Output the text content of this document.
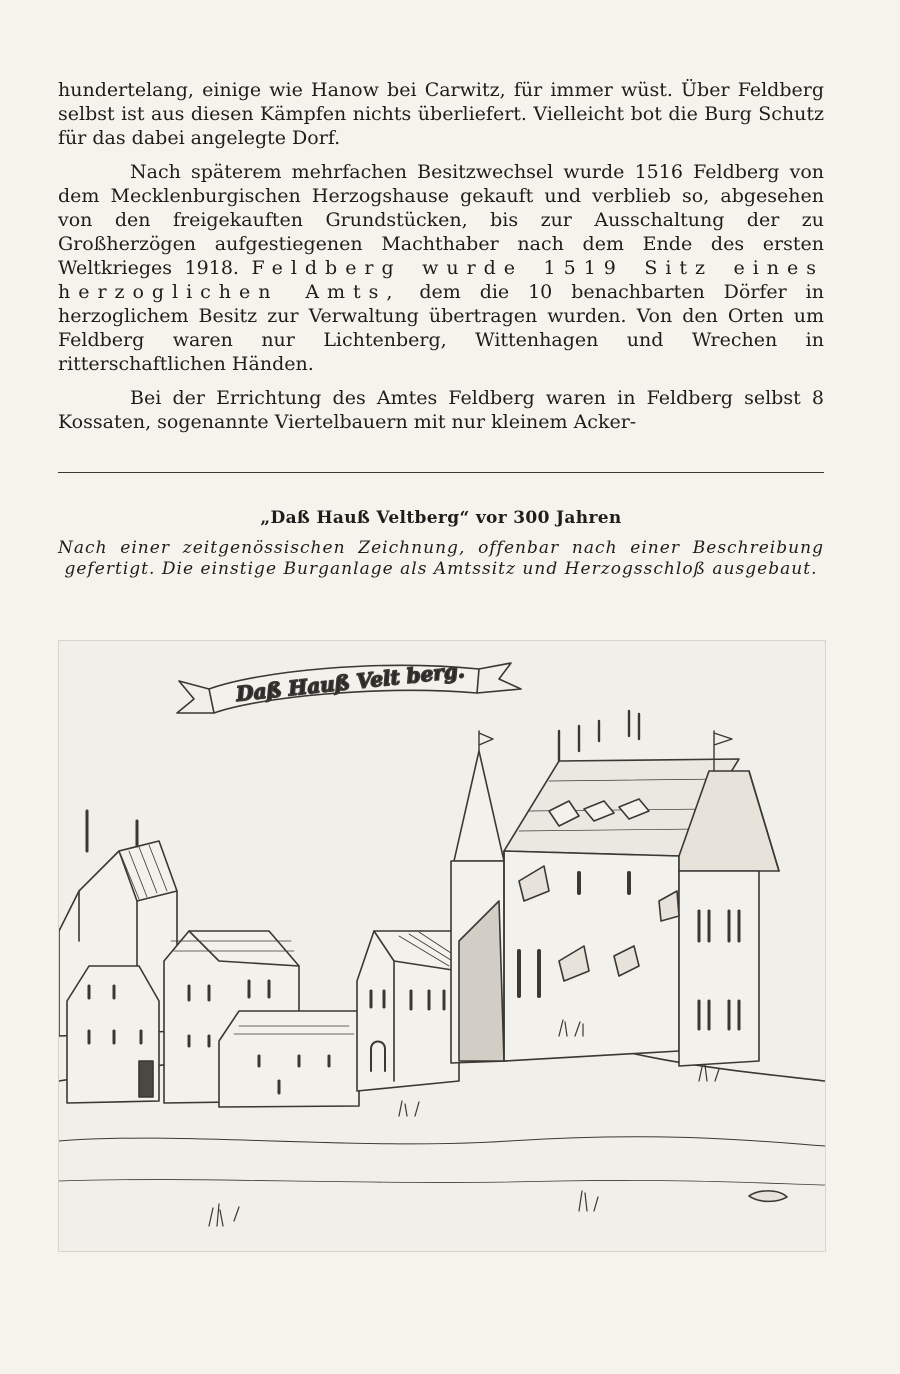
hundertelang, einige wie Hanow bei Carwitz, für immer wüst. Über Feldberg selbst ist aus diesen Kämpfen nichts überliefert. Vielleicht bot die Burg Schutz für das dabei angelegte Dorf.

Nach späterem mehrfachen Besitzwechsel wurde 1516 Feldberg von dem Mecklenburgischen Herzogshause gekauft und verblieb so, abgesehen von den freigekauften Grundstücken, bis zur Ausschaltung der zu Großherzögen aufgestiegenen Machthaber nach dem Ende des ersten Weltkrieges 1918. Feldberg wurde 1519 Sitz eines herzoglichen Amts, dem die 10 benachbarten Dörfer in herzoglichem Besitz zur Verwaltung übertragen wurden. Von den Orten um Feldberg waren nur Lichtenberg, Wittenhagen und Wrechen in ritterschaftlichen Händen.

Bei der Errichtung des Amtes Feldberg waren in Feldberg selbst 8 Kossaten, sogenannte Viertelbauern mit nur kleinem Acker-

„Daß Hauß Veltberg“ vor 300 Jahren
Nach einer zeitgenössischen Zeichnung, offenbar nach einer Beschreibung gefertigt. Die einstige Burganlage als Amtssitz und Herzogsschloß ausgebaut.
Daß Hauß Velt berg.
